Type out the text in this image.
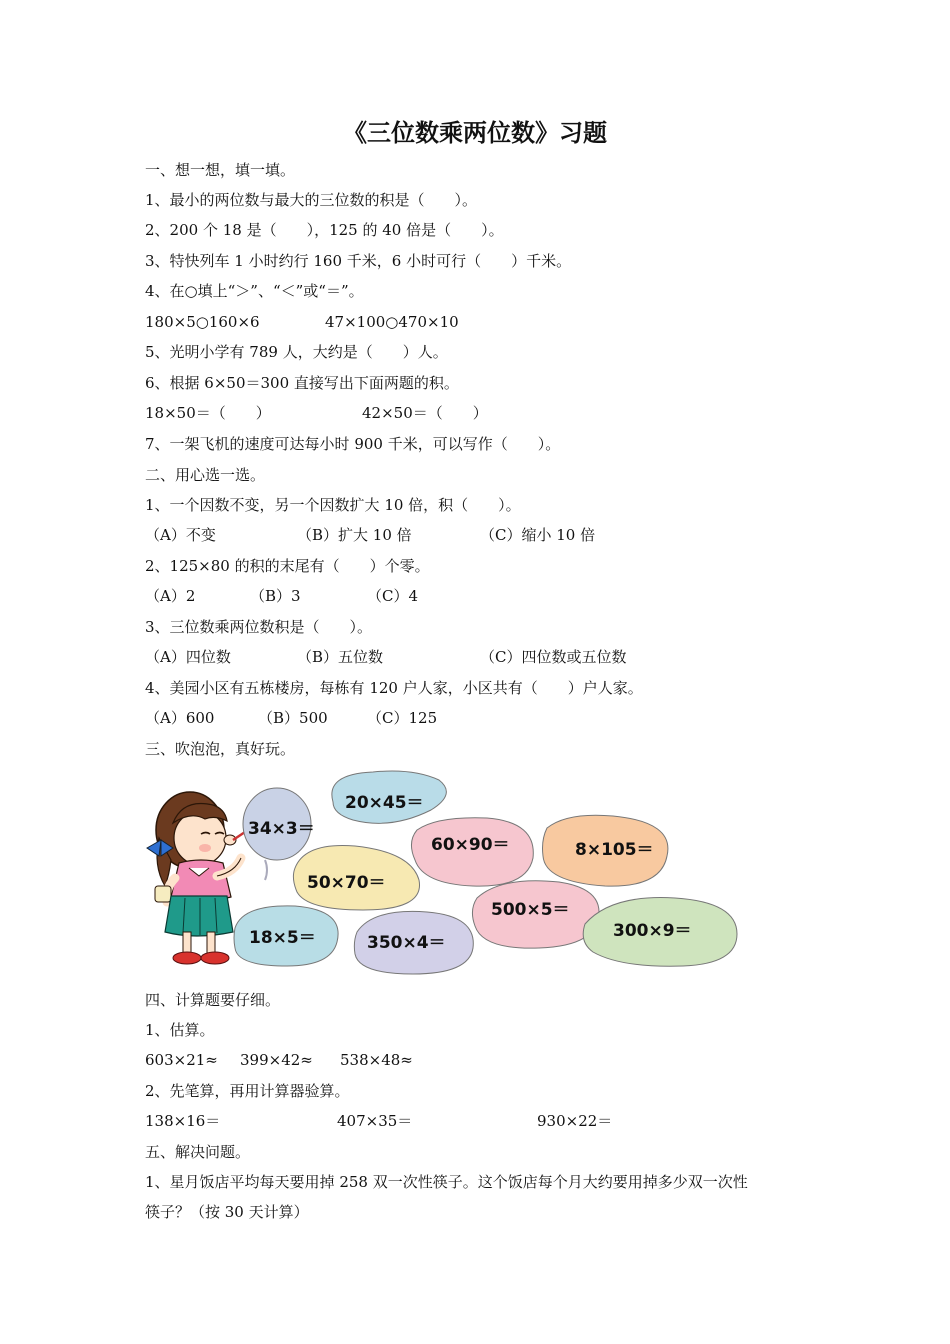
《三位数乘两位数》习题
一、想一想，填一填。
1、最小的两位数与最大的三位数的积是（　　）。
2、200 个 18 是（　　），125 的 40 倍是（　　）。
3、特快列车 1 小时约行 160 千米，6 小时可行（　　）千米。
4、在○填上“＞”、“＜”或“＝”。
180×5○160×6	47×100○470×10
5、光明小学有 789 人，大约是（　　）人。
6、根据 6×50＝300 直接写出下面两题的积。
18×50＝（　　）	42×50＝（　　）
7、一架飞机的速度可达每小时 900 千米，可以写作（　　）。
二、用心选一选。
1、一个因数不变，另一个因数扩大 10 倍，积（　　）。
（A）不变	（B）扩大 10 倍	（C）缩小 10 倍
2、125×80 的积的末尾有（　　）个零。
（A）2	（B）3	（C）4
3、三位数乘两位数积是（　　）。
（A）四位数	（B）五位数	（C）四位数或五位数
4、美园小区有五栋楼房，每栋有 120 户人家，小区共有（　　）户人家。
（A）600	（B）500	（C）125
三、吹泡泡，真好玩。
34×3＝
20×45＝
60×90＝	8×105＝
50×70＝
500×5＝
18×5＝	350×4＝
300×9＝
四、计算题要仔细。
1、估算。
603×21≈ 399×42≈ 538×48≈
2、先笔算，再用计算器验算。
138×16＝	407×35＝	930×22＝
五、解决问题。
1、星月饭店平均每天要用掉 258 双一次性筷子。这个饭店每个月大约要用掉多少双一次性
筷子？（按 30 天计算）
